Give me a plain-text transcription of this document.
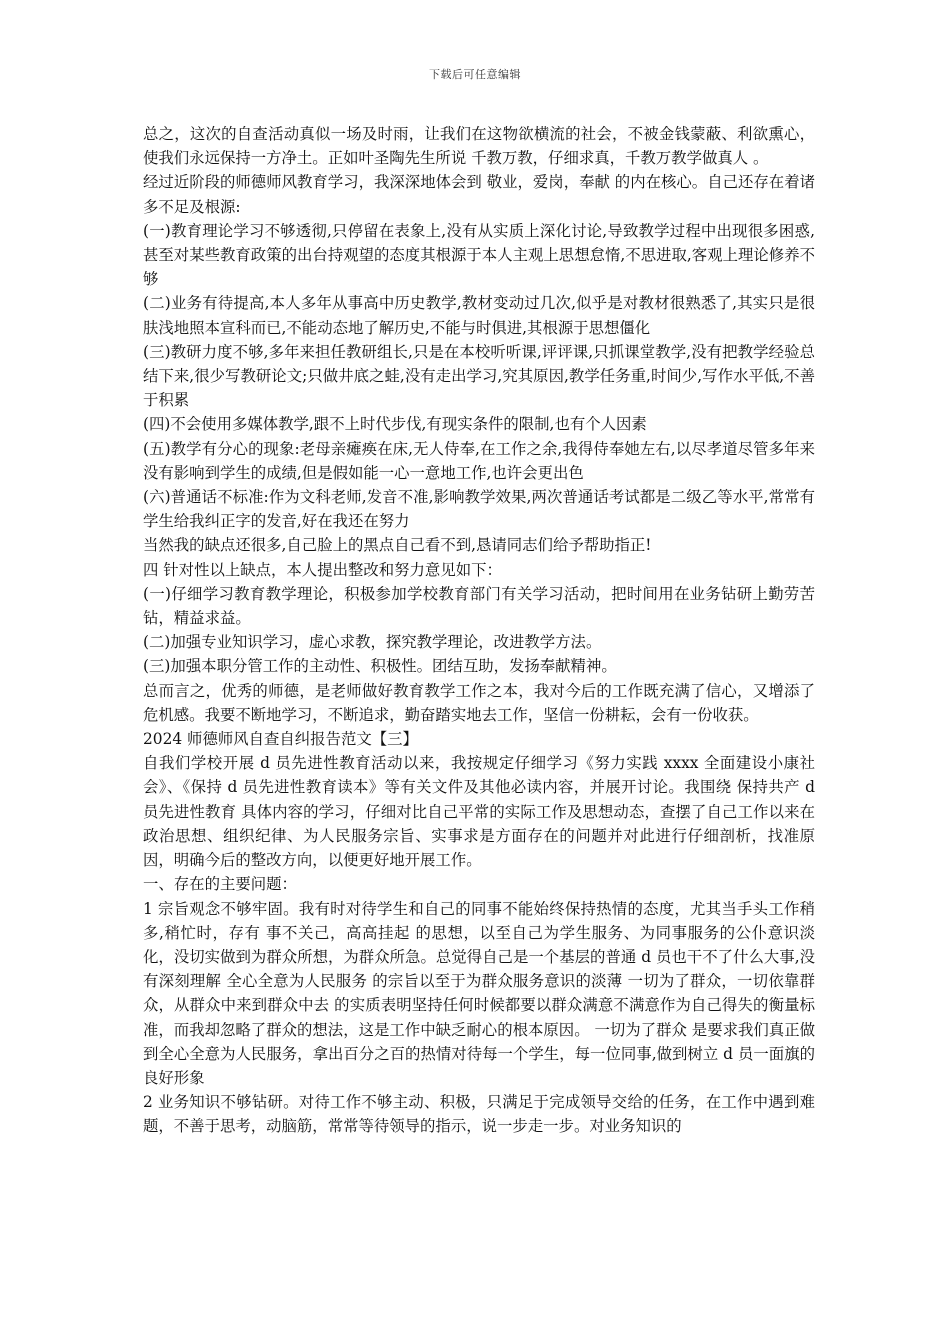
下载后可任意编辑

总之，这次的自查活动真似一场及时雨，让我们在这物欲横流的社会，不被金钱蒙蔽、利欲熏心，使我们永远保持一方净土。正如叶圣陶先生所说 千教万教，仔细求真，千教万教学做真人 。

经过近阶段的师德师风教育学习，我深深地体会到 敬业，爱岗，奉献 的内在核心。自己还存在着诸多不足及根源:

(一)教育理论学习不够透彻,只停留在表象上,没有从实质上深化讨论,导致教学过程中出现很多困惑,甚至对某些教育政策的出台持观望的态度其根源于本人主观上思想怠惰,不思进取,客观上理论修养不够

(二)业务有待提高,本人多年从事高中历史教学,教材变动过几次,似乎是对教材很熟悉了,其实只是很肤浅地照本宣科而已,不能动态地了解历史,不能与时俱进,其根源于思想僵化

(三)教研力度不够,多年来担任教研组长,只是在本校听听课,评评课,只抓课堂教学,没有把教学经验总结下来,很少写教研论文;只做井底之蛙,没有走出学习,究其原因,教学任务重,时间少,写作水平低,不善于积累

(四)不会使用多媒体教学,跟不上时代步伐,有现实条件的限制,也有个人因素

(五)教学有分心的现象:老母亲瘫痪在床,无人侍奉,在工作之余,我得侍奉她左右,以尽孝道尽管多年来没有影响到学生的成绩,但是假如能一心一意地工作,也许会更出色

(六)普通话不标准:作为文科老师,发音不准,影响教学效果,两次普通话考试都是二级乙等水平,常常有学生给我纠正字的发音,好在我还在努力

当然我的缺点还很多,自己脸上的黑点自己看不到,恳请同志们给予帮助指正!

四 针对性以上缺点，本人提出整改和努力意见如下：

(一)仔细学习教育教学理论，积极参加学校教育部门有关学习活动，把时间用在业务钻研上勤劳苦钻，精益求益。

(二)加强专业知识学习，虚心求教，探究教学理论，改进教学方法。

(三)加强本职分管工作的主动性、积极性。团结互助，发扬奉献精神。

总而言之，优秀的师德，是老师做好教育教学工作之本，我对今后的工作既充满了信心，又增添了危机感。我要不断地学习，不断追求，勤奋踏实地去工作，坚信一份耕耘，会有一份收获。

2024 师德师风自查自纠报告范文【三】

自我们学校开展 d 员先进性教育活动以来，我按规定仔细学习《努力实践 xxxx 全面建设小康社会》、《保持 d 员先进性教育读本》等有关文件及其他必读内容，并展开讨论。我围绕 保持共产 d 员先进性教育 具体内容的学习，仔细对比自己平常的实际工作及思想动态，查摆了自己工作以来在政治思想、组织纪律、为人民服务宗旨、实事求是方面存在的问题并对此进行仔细剖析，找准原因，明确今后的整改方向，以便更好地开展工作。

一、存在的主要问题：

1 宗旨观念不够牢固。我有时对待学生和自己的同事不能始终保持热情的态度，尤其当手头工作稍多,稍忙时，存有 事不关己，高高挂起 的思想，以至自己为学生服务、为同事服务的公仆意识淡化，没切实做到为群众所想，为群众所急。总觉得自己是一个基层的普通 d 员也干不了什么大事,没有深刻理解 全心全意为人民服务 的宗旨以至于为群众服务意识的淡薄 一切为了群众，一切依靠群众，从群众中来到群众中去 的实质表明坚持任何时候都要以群众满意不满意作为自己得失的衡量标准，而我却忽略了群众的想法，这是工作中缺乏耐心的根本原因。 一切为了群众 是要求我们真正做到全心全意为人民服务，拿出百分之百的热情对待每一个学生，每一位同事,做到树立 d 员一面旗的良好形象

2 业务知识不够钻研。对待工作不够主动、积极，只满足于完成领导交给的任务，在工作中遇到难题，不善于思考，动脑筋，常常等待领导的指示，说一步走一步。对业务知识的
